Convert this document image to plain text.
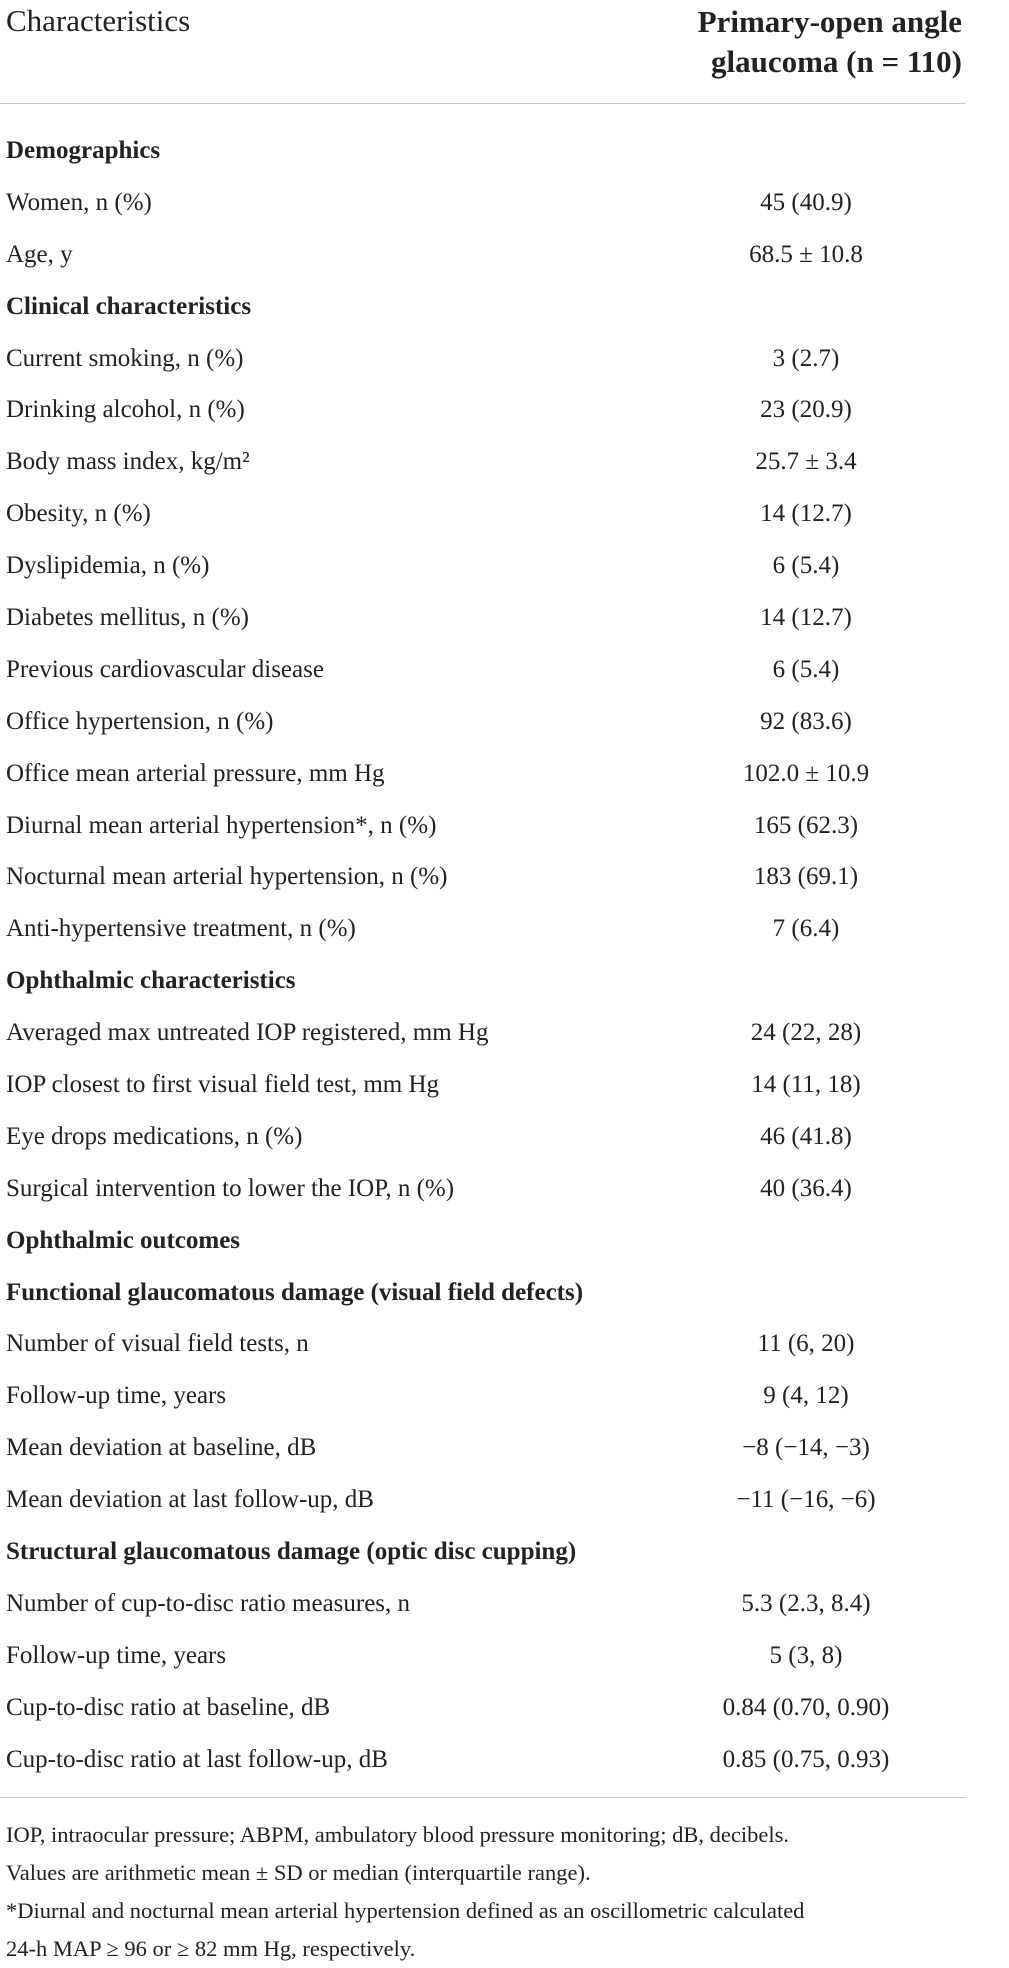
Characteristics	Primary-open angle
glaucoma (n = 110)
Demographics
Women, n (%)	45 (40.9)
Age, y	68.5 ± 10.8
Clinical characteristics
Current smoking, n (%)	3 (2.7)
Drinking alcohol, n (%)	23 (20.9)
Body mass index, kg/m²	25.7 ± 3.4
Obesity, n (%)	14 (12.7)
Dyslipidemia, n (%)	6 (5.4)
Diabetes mellitus, n (%)	14 (12.7)
Previous cardiovascular disease	6 (5.4)
Office hypertension, n (%)	92 (83.6)
Office mean arterial pressure, mm Hg	102.0 ± 10.9
Diurnal mean arterial hypertension*, n (%)	165 (62.3)
Nocturnal mean arterial hypertension, n (%)	183 (69.1)
Anti-hypertensive treatment, n (%)	7 (6.4)
Ophthalmic characteristics
Averaged max untreated IOP registered, mm Hg	24 (22, 28)
IOP closest to first visual field test, mm Hg	14 (11, 18)
Eye drops medications, n (%)	46 (41.8)
Surgical intervention to lower the IOP, n (%)	40 (36.4)
Ophthalmic outcomes
Functional glaucomatous damage (visual field defects)
Number of visual field tests, n	11 (6, 20)
Follow-up time, years	9 (4, 12)
Mean deviation at baseline, dB	−8 (−14, −3)
Mean deviation at last follow-up, dB	−11 (−16, −6)
Structural glaucomatous damage (optic disc cupping)
Number of cup-to-disc ratio measures, n	5.3 (2.3, 8.4)
Follow-up time, years	5 (3, 8)
Cup-to-disc ratio at baseline, dB	0.84 (0.70, 0.90)
Cup-to-disc ratio at last follow-up, dB	0.85 (0.75, 0.93)

IOP, intraocular pressure; ABPM, ambulatory blood pressure monitoring; dB, decibels.

Values are arithmetic mean ± SD or median (interquartile range).

*Diurnal and nocturnal mean arterial hypertension defined as an oscillometric calculated

24-h MAP ≥ 96 or ≥ 82 mm Hg, respectively.
